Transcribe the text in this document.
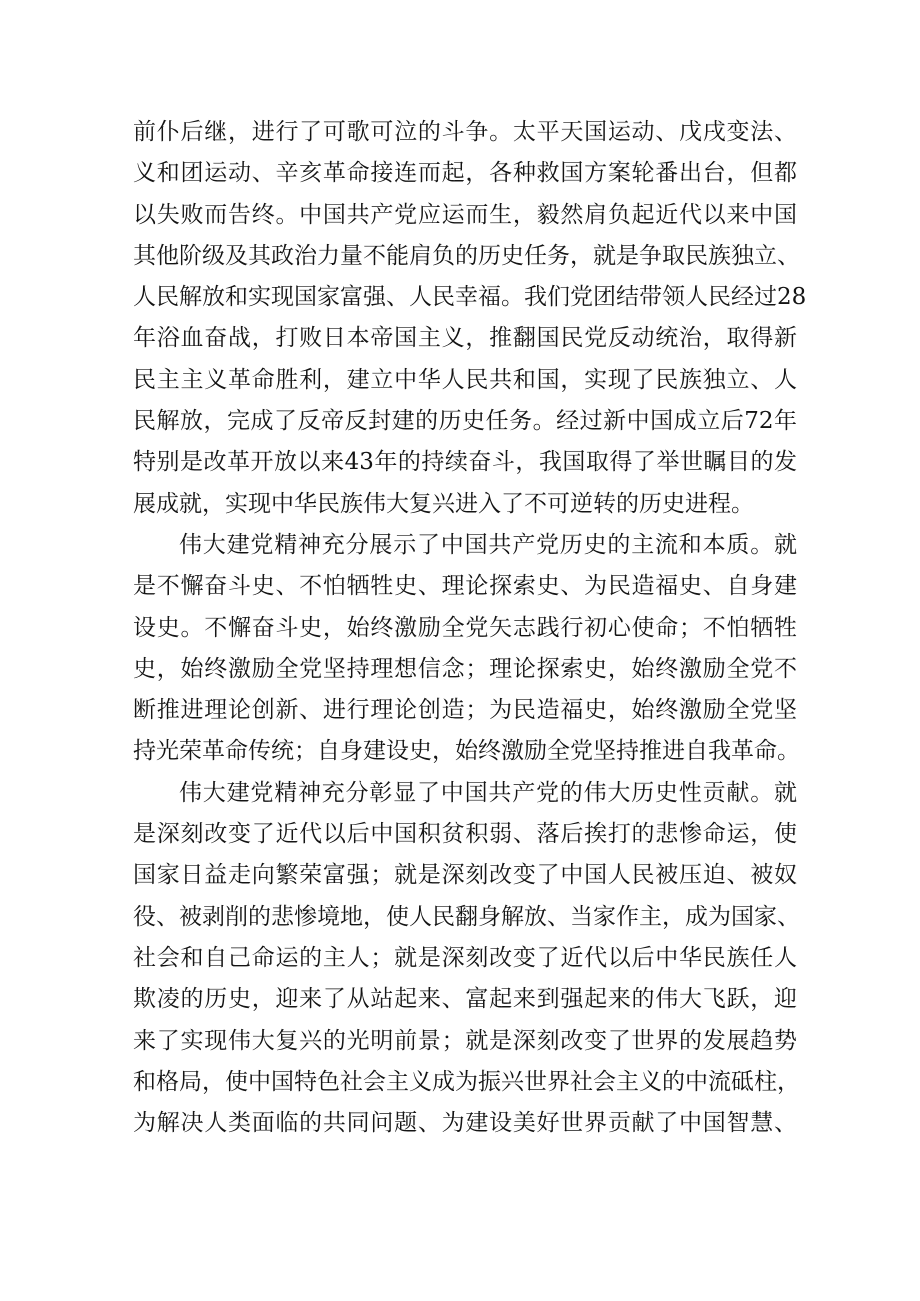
前仆后继，进行了可歌可泣的斗争。太平天国运动、戊戌变法、
义和团运动、辛亥革命接连而起，各种救国方案轮番出台，但都
以失败而告终。中国共产党应运而生，毅然肩负起近代以来中国
其他阶级及其政治力量不能肩负的历史任务，就是争取民族独立、
人民解放和实现国家富强、人民幸福。我们党团结带领人民经过28
年浴血奋战，打败日本帝国主义，推翻国民党反动统治，取得新
民主主义革命胜利，建立中华人民共和国，实现了民族独立、人
民解放，完成了反帝反封建的历史任务。经过新中国成立后72年
特别是改革开放以来43年的持续奋斗，我国取得了举世瞩目的发
展成就，实现中华民族伟大复兴进入了不可逆转的历史进程。
伟大建党精神充分展示了中国共产党历史的主流和本质。就
是不懈奋斗史、不怕牺牲史、理论探索史、为民造福史、自身建
设史。不懈奋斗史，始终激励全党矢志践行初心使命；不怕牺牲
史，始终激励全党坚持理想信念；理论探索史，始终激励全党不
断推进理论创新、进行理论创造；为民造福史，始终激励全党坚
持光荣革命传统；自身建设史，始终激励全党坚持推进自我革命。
伟大建党精神充分彰显了中国共产党的伟大历史性贡献。就
是深刻改变了近代以后中国积贫积弱、落后挨打的悲惨命运，使
国家日益走向繁荣富强；就是深刻改变了中国人民被压迫、被奴
役、被剥削的悲惨境地，使人民翻身解放、当家作主，成为国家、
社会和自己命运的主人；就是深刻改变了近代以后中华民族任人
欺凌的历史，迎来了从站起来、富起来到强起来的伟大飞跃，迎
来了实现伟大复兴的光明前景；就是深刻改变了世界的发展趋势
和格局，使中国特色社会主义成为振兴世界社会主义的中流砥柱，
为解决人类面临的共同问题、为建设美好世界贡献了中国智慧、
